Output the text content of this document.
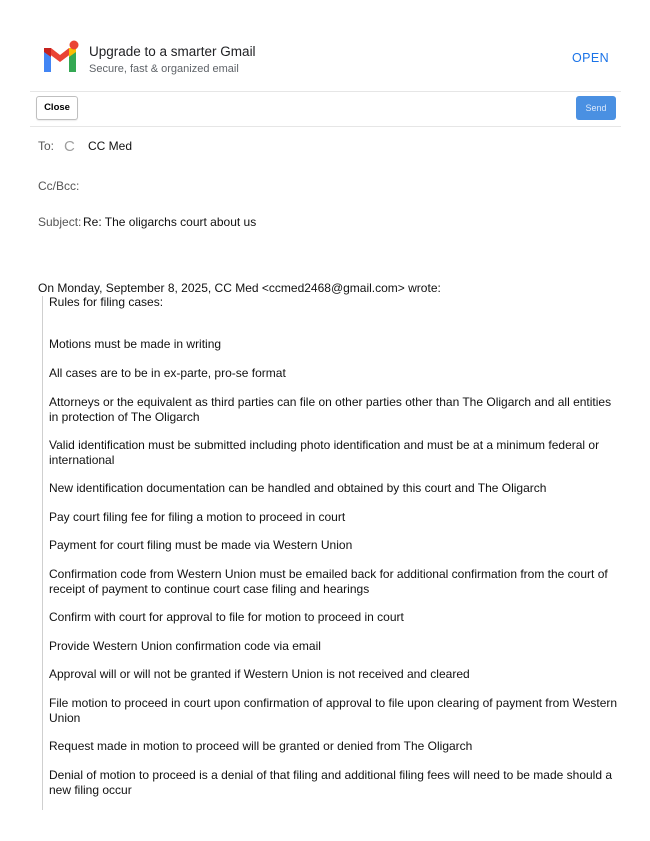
Upgrade to a smarter Gmail
Secure, fast & organized email
OPEN
Close	Send
To: C CC Med
Cc/Bcc:
Subject: Re: The oligarchs court about us
On Monday, September 8, 2025, CC Med <ccmed2468@gmail.com> wrote:
Rules for filing cases:
Motions must be made in writing
All cases are to be in ex-parte, pro-se format
Attorneys or the equivalent as third parties can file on other parties other than The Oligarch and all entities in protection of The Oligarch
Valid identification must be submitted including photo identification and must be at a minimum federal or international
New identification documentation can be handled and obtained by this court and The Oligarch
Pay court filing fee for filing a motion to proceed in court
Payment for court filing must be made via Western Union
Confirmation code from Western Union must be emailed back for additional confirmation from the court of receipt of payment to continue court case filing and hearings
Confirm with court for approval to file for motion to proceed in court
Provide Western Union confirmation code via email
Approval will or will not be granted if Western Union is not received and cleared
File motion to proceed in court upon confirmation of approval to file upon clearing of payment from Western Union
Request made in motion to proceed will be granted or denied from The Oligarch
Denial of motion to proceed is a denial of that filing and additional filing fees will need to be made should a new filing occur
